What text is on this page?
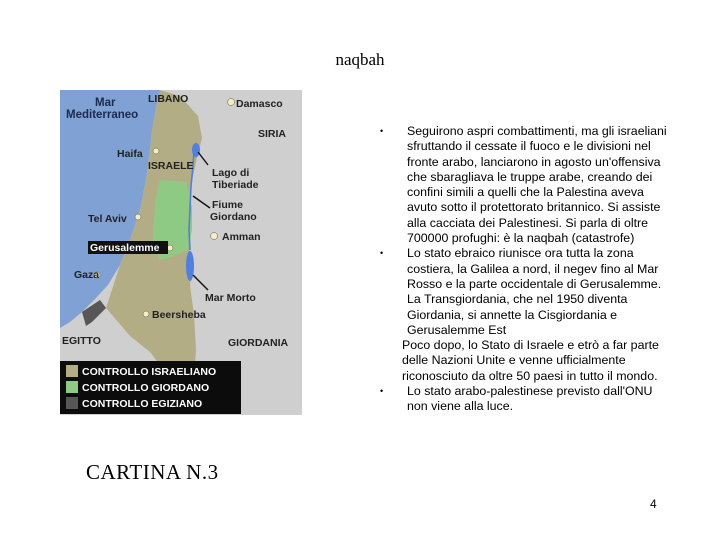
naqbah
Mar
Mediterraneo
LIBANO	Damasco
SIRIA
Haifa
ISRAELE
Lago di
Tiberiade
Fiume
Giordano
Tel Aviv
Amman
Gerusalemme
Gaza
Mar Morto
Beersheba
EGITTO	GIORDANIA
CONTROLLO ISRAELIANO
CONTROLLO GIORDANO
CONTROLLO EGIZIANO
CARTINA N.3
• Seguirono aspri combattimenti, ma gli israeliani sfruttando il cessate il fuoco e le divisioni nel fronte arabo, lanciarono in agosto un'offensiva che sbaragliava le truppe arabe, creando dei confini simili a quelli che la Palestina aveva avuto sotto il protettorato britannico. Si assiste alla cacciata dei Palestinesi. Si parla di oltre 700000 profughi: è la naqbah (catastrofe)
• Lo stato ebraico riunisce ora tutta la zona costiera, la Galilea a nord, il negev fino al Mar Rosso e la parte occidentale di Gerusalemme. La Transgiordania, che nel 1950 diventa Giordania, si annette la Cisgiordania e Gerusalemme Est
Poco dopo, lo Stato di Israele e etrò a far parte delle Nazioni Unite e venne ufficialmente riconosciuto da oltre 50 paesi in tutto il mondo.
• Lo stato arabo-palestinese previsto dall'ONU non viene alla luce.
4
